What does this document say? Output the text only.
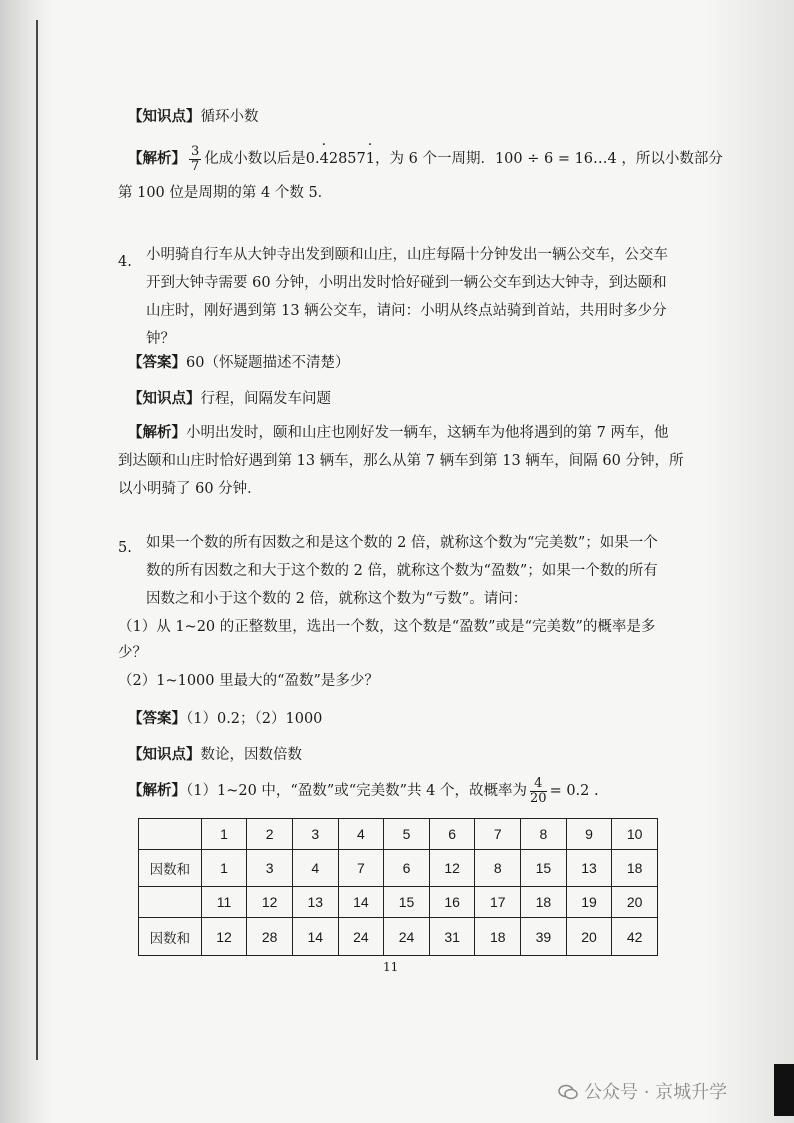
【知识点】循环小数
【解析】 $\frac{3}{7}$ 化成小数以后是0.· 42857· 1，为 6 个一周期．100 ÷ 6 = 16…4 ，所以小数部分
第 100 位是周期的第 4 个数 5．
4. 小明骑自行车从大钟寺出发到颐和山庄，山庄每隔十分钟发出一辆公交车，公交车
开到大钟寺需要 60 分钟，小明出发时恰好碰到一辆公交车到达大钟寺，到达颐和
山庄时，刚好遇到第 13 辆公交车，请问：小明从终点站骑到首站，共用时多少分
钟？
【答案】60（怀疑题描述不清楚）
【知识点】行程，间隔发车问题
【解析】小明出发时，颐和山庄也刚好发一辆车，这辆车为他将遇到的第 7 两车，他
到达颐和山庄时恰好遇到第 13 辆车，那么从第 7 辆车到第 13 辆车，间隔 60 分钟，所
以小明骑了 60 分钟．
5. 如果一个数的所有因数之和是这个数的 2 倍，就称这个数为“完美数”；如果一个
数的所有因数之和大于这个数的 2 倍，就称这个数为“盈数”；如果一个数的所有
因数之和小于这个数的 2 倍，就称这个数为“亏数”。请问：
（1）从 1~20 的正整数里，选出一个数，这个数是“盈数”或是“完美数”的概率是多
少？
（2）1~1000 里最大的“盈数”是多少？
【答案】（1）0.2；（2）1000
【知识点】数论，因数倍数
【解析】（1）1~20 中，“盈数”或“完美数”共 4 个，故概率为 $\frac{4}{20} = 0.2$ .
	1	2	3	4	5	6	7	8	9	10
因数和	1	3	4	7	6	12	8	15	13	18
	11	12	13	14	15	16	17	18	19	20
因数和	12	28	14	24	24	31	18	39	20	42
11
公众号 · 京城升学
